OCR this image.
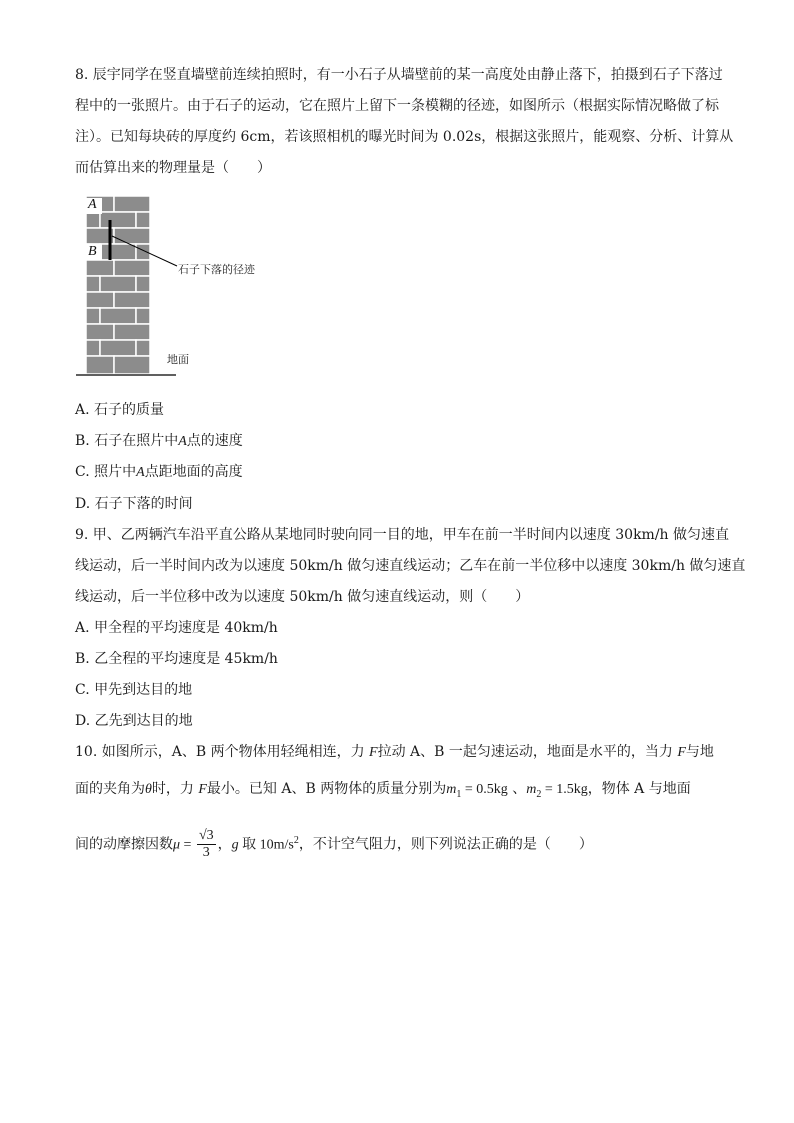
8. 辰宇同学在竖直墙壁前连续拍照时，有一小石子从墙壁前的某一高度处由静止落下，拍摄到石子下落过
程中的一张照片。由于石子的运动，它在照片上留下一条模糊的径迹，如图所示（根据实际情况略做了标
注）。已知每块砖的厚度约 6cm，若该照相机的曝光时间为 0.02s，根据这张照片，能观察、分析、计算从
而估算出来的物理量是（　　）
A
B
石子下落的径迹
地面
A. 石子的质量
B. 石子在照片中A点的速度
C. 照片中A点距地面的高度
D. 石子下落的时间
9. 甲、乙两辆汽车沿平直公路从某地同时驶向同一目的地，甲车在前一半时间内以速度 30km/h 做匀速直
线运动，后一半时间内改为以速度 50km/h 做匀速直线运动；乙车在前一半位移中以速度 30km/h 做匀速直
线运动，后一半位移中改为以速度 50km/h 做匀速直线运动，则（　　）
A. 甲全程的平均速度是 40km/h
B. 乙全程的平均速度是 45km/h
C. 甲先到达目的地
D. 乙先到达目的地
10. 如图所示，A、B 两个物体用轻绳相连，力 F拉动 A、B 一起匀速运动，地面是水平的，当力 F与地
面的夹角为θ时，力 F最小。已知 A、B 两物体的质量分别为$m_1 = 0.5kg$ 、$m_2 = 1.5kg$，物体 A 与地面
间的动摩擦因数$\mu = \frac{√3}{3}$ ，g 取 $10m/s^2$，不计空气阻力，则下列说法正确的是（　　）
